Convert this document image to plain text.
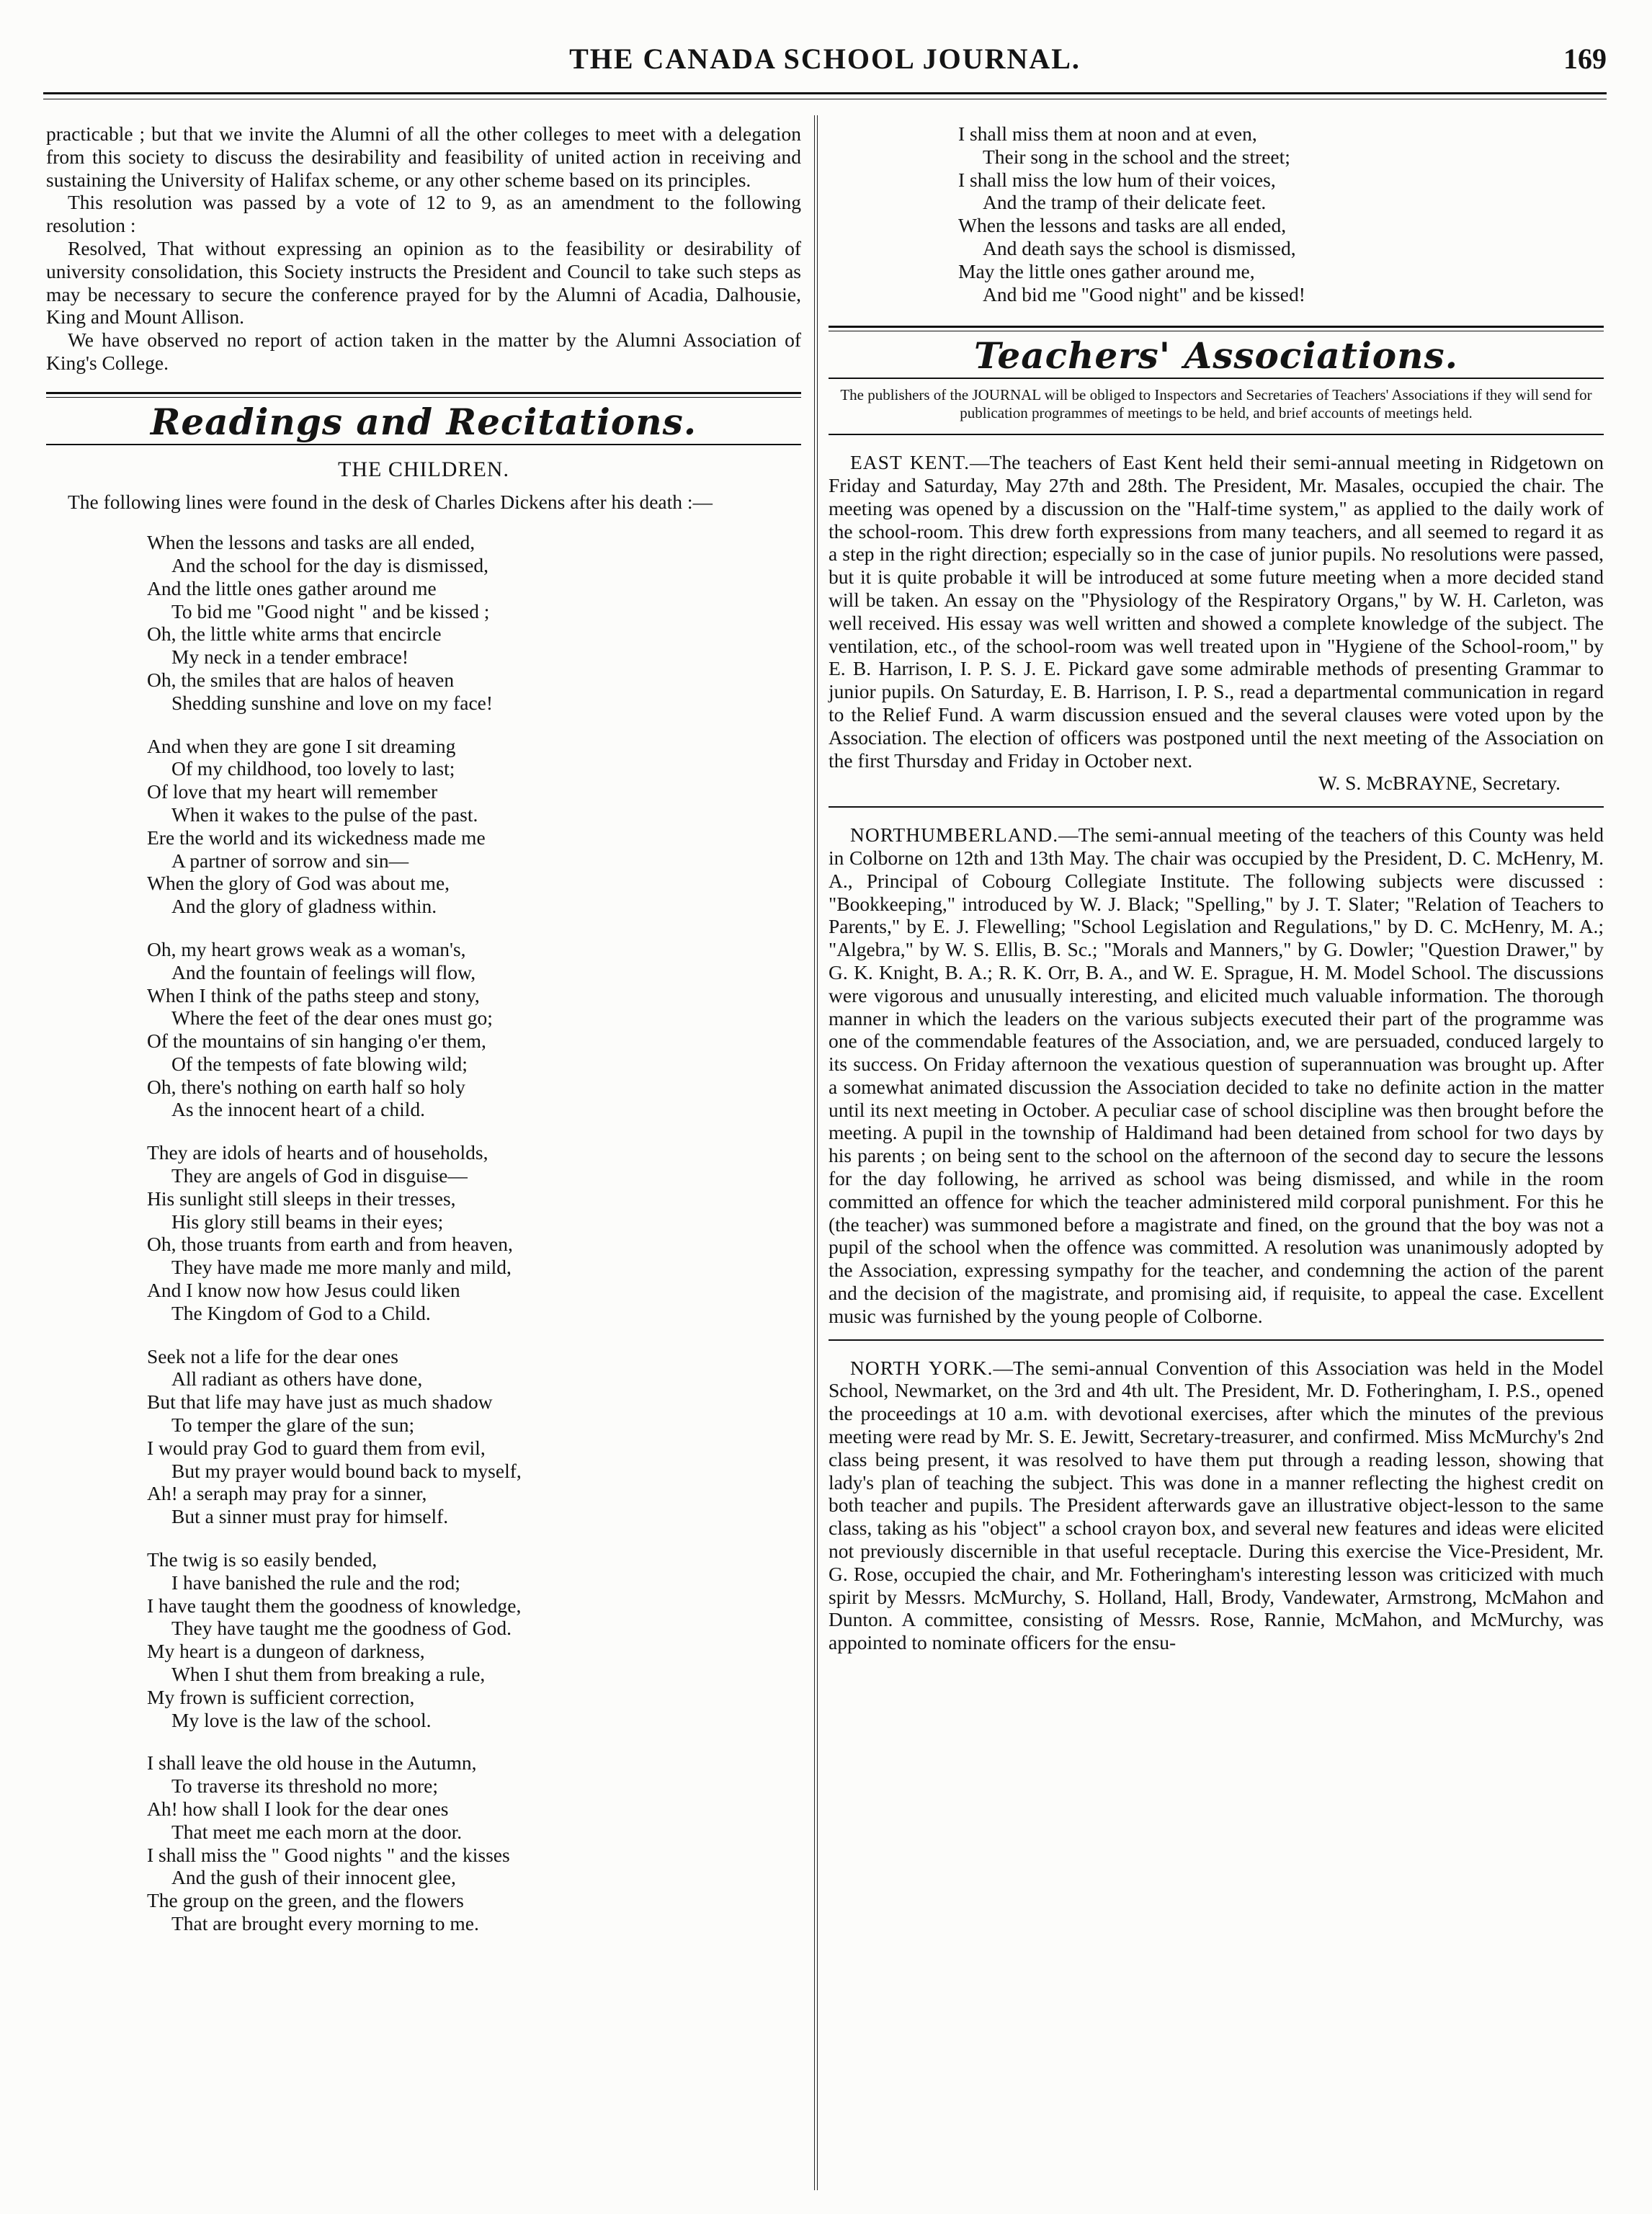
THE CANADA SCHOOL JOURNAL.	169

practicable ; but that we invite the Alumni of all the other colleges to meet with a delegation from this society to discuss the desirability and feasibility of united action in receiving and sustaining the University of Halifax scheme, or any other scheme based on its principles.

This resolution was passed by a vote of 12 to 9, as an amendment to the following resolution :

Resolved, That without expressing an opinion as to the feasibility or desirability of university consolidation, this Society instructs the President and Council to take such steps as may be necessary to secure the conference prayed for by the Alumni of Acadia, Dalhousie, King and Mount Allison.

We have observed no report of action taken in the matter by the Alumni Association of King's College.

Readings and Recitations.
THE CHILDREN.

The following lines were found in the desk of Charles Dickens after his death :—

When the lessons and tasks are all ended,
And the school for the day is dismissed,
And the little ones gather around me
To bid me "Good night " and be kissed ;
Oh, the little white arms that encircle
My neck in a tender embrace!
Oh, the smiles that are halos of heaven
Shedding sunshine and love on my face!
And when they are gone I sit dreaming
Of my childhood, too lovely to last;
Of love that my heart will remember
When it wakes to the pulse of the past.
Ere the world and its wickedness made me
A partner of sorrow and sin—
When the glory of God was about me,
And the glory of gladness within.
Oh, my heart grows weak as a woman's,
And the fountain of feelings will flow,
When I think of the paths steep and stony,
Where the feet of the dear ones must go;
Of the mountains of sin hanging o'er them,
Of the tempests of fate blowing wild;
Oh, there's nothing on earth half so holy
As the innocent heart of a child.
They are idols of hearts and of households,
They are angels of God in disguise—
His sunlight still sleeps in their tresses,
His glory still beams in their eyes;
Oh, those truants from earth and from heaven,
They have made me more manly and mild,
And I know now how Jesus could liken
The Kingdom of God to a Child.
Seek not a life for the dear ones
All radiant as others have done,
But that life may have just as much shadow
To temper the glare of the sun;
I would pray God to guard them from evil,
But my prayer would bound back to myself,
Ah! a seraph may pray for a sinner,
But a sinner must pray for himself.
The twig is so easily bended,
I have banished the rule and the rod;
I have taught them the goodness of knowledge,
They have taught me the goodness of God.
My heart is a dungeon of darkness,
When I shut them from breaking a rule,
My frown is sufficient correction,
My love is the law of the school.
I shall leave the old house in the Autumn,
To traverse its threshold no more;
Ah! how shall I look for the dear ones
That meet me each morn at the door.
I shall miss the " Good nights " and the kisses
And the gush of their innocent glee,
The group on the green, and the flowers
That are brought every morning to me.
I shall miss them at noon and at even,
Their song in the school and the street;
I shall miss the low hum of their voices,
And the tramp of their delicate feet.
When the lessons and tasks are all ended,
And death says the school is dismissed,
May the little ones gather around me,
And bid me "Good night" and be kissed!
Teachers' Associations.
The publishers of the JOURNAL will be obliged to Inspectors and Secretaries of Teachers' Associations if they will send for publication programmes of meetings to be held, and brief accounts of meetings held.

EAST KENT.—The teachers of East Kent held their semi-annual meeting in Ridgetown on Friday and Saturday, May 27th and 28th. The President, Mr. Masales, occupied the chair. The meeting was opened by a discussion on the "Half-time system," as applied to the daily work of the school-room. This drew forth expressions from many teachers, and all seemed to regard it as a step in the right direction; especially so in the case of junior pupils. No resolutions were passed, but it is quite probable it will be introduced at some future meeting when a more decided stand will be taken. An essay on the "Physiology of the Respiratory Organs," by W. H. Carleton, was well received. His essay was well written and showed a complete knowledge of the subject. The ventilation, etc., of the school-room was well treated upon in "Hygiene of the School-room," by E. B. Harrison, I. P. S. J. E. Pickard gave some admirable methods of presenting Grammar to junior pupils. On Saturday, E. B. Harrison, I. P. S., read a departmental communication in regard to the Relief Fund. A warm discussion ensued and the several clauses were voted upon by the Association. The election of officers was postponed until the next meeting of the Association on the first Thursday and Friday in October next.

W. S. McBRAYNE, Secretary.

NORTHUMBERLAND.—The semi-annual meeting of the teachers of this County was held in Colborne on 12th and 13th May. The chair was occupied by the President, D. C. McHenry, M. A., Principal of Cobourg Collegiate Institute. The following subjects were discussed : "Bookkeeping," introduced by W. J. Black; "Spelling," by J. T. Slater; "Relation of Teachers to Parents," by E. J. Flewelling; "School Legislation and Regulations," by D. C. McHenry, M. A.; "Algebra," by W. S. Ellis, B. Sc.; "Morals and Manners," by G. Dowler; "Question Drawer," by G. K. Knight, B. A.; R. K. Orr, B. A., and W. E. Sprague, H. M. Model School. The discussions were vigorous and unusually interesting, and elicited much valuable information. The thorough manner in which the leaders on the various subjects executed their part of the programme was one of the commendable features of the Association, and, we are persuaded, conduced largely to its success. On Friday afternoon the vexatious question of superannuation was brought up. After a somewhat animated discussion the Association decided to take no definite action in the matter until its next meeting in October. A peculiar case of school discipline was then brought before the meeting. A pupil in the township of Haldimand had been detained from school for two days by his parents ; on being sent to the school on the afternoon of the second day to secure the lessons for the day following, he arrived as school was being dismissed, and while in the room committed an offence for which the teacher administered mild corporal punishment. For this he (the teacher) was summoned before a magistrate and fined, on the ground that the boy was not a pupil of the school when the offence was committed. A resolution was unanimously adopted by the Association, expressing sympathy for the teacher, and condemning the action of the parent and the decision of the magistrate, and promising aid, if requisite, to appeal the case. Excellent music was furnished by the young people of Colborne.

NORTH YORK.—The semi-annual Convention of this Association was held in the Model School, Newmarket, on the 3rd and 4th ult. The President, Mr. D. Fotheringham, I. P.S., opened the proceedings at 10 a.m. with devotional exercises, after which the minutes of the previous meeting were read by Mr. S. E. Jewitt, Secretary-treasurer, and confirmed. Miss McMurchy's 2nd class being present, it was resolved to have them put through a reading lesson, showing that lady's plan of teaching the subject. This was done in a manner reflecting the highest credit on both teacher and pupils. The President afterwards gave an illustrative object-lesson to the same class, taking as his "object" a school crayon box, and several new features and ideas were elicited not previously discernible in that useful receptacle. During this exercise the Vice-President, Mr. G. Rose, occupied the chair, and Mr. Fotheringham's interesting lesson was criticized with much spirit by Messrs. McMurchy, S. Holland, Hall, Brody, Vandewater, Armstrong, McMahon and Dunton. A committee, consisting of Messrs. Rose, Rannie, McMahon, and McMurchy, was appointed to nominate officers for the ensu-
